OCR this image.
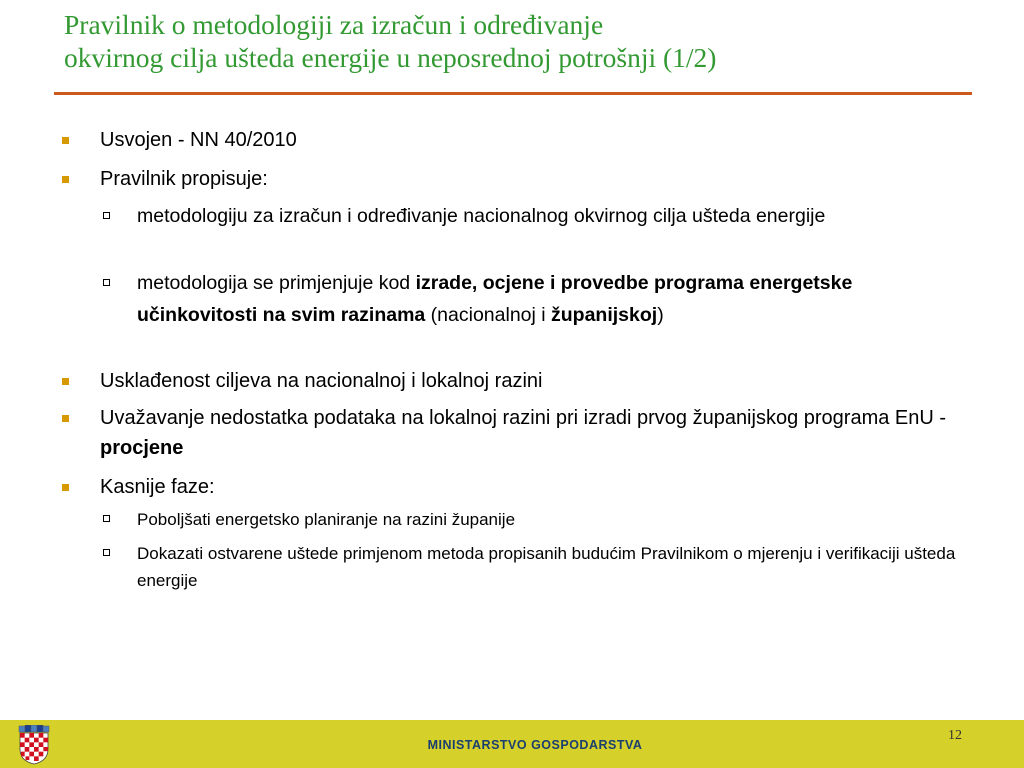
Pravilnik o metodologiji za izračun i određivanje
okvirnog cilja ušteda energije u neposrednoj potrošnji (1/2)
Usvojen - NN 40/2010
Pravilnik propisuje:
metodologiju za izračun i određivanje nacionalnog okvirnog cilja ušteda energije
metodologija se primjenjuje kod izrade, ocjene i provedbe programa energetske učinkovitosti na svim razinama (nacionalnoj i županijskoj)
Usklađenost ciljeva na nacionalnoj i lokalnoj razini
Uvažavanje nedostatka podataka na lokalnoj razini pri izradi prvog županijskog programa EnU - procjene
Kasnije faze:
Poboljšati energetsko planiranje na razini županije
Dokazati ostvarene uštede primjenom metoda propisanih budućim Pravilnikom o mjerenju i verifikaciji ušteda energije
MINISTARSTVO GOSPODARSTVA
12
